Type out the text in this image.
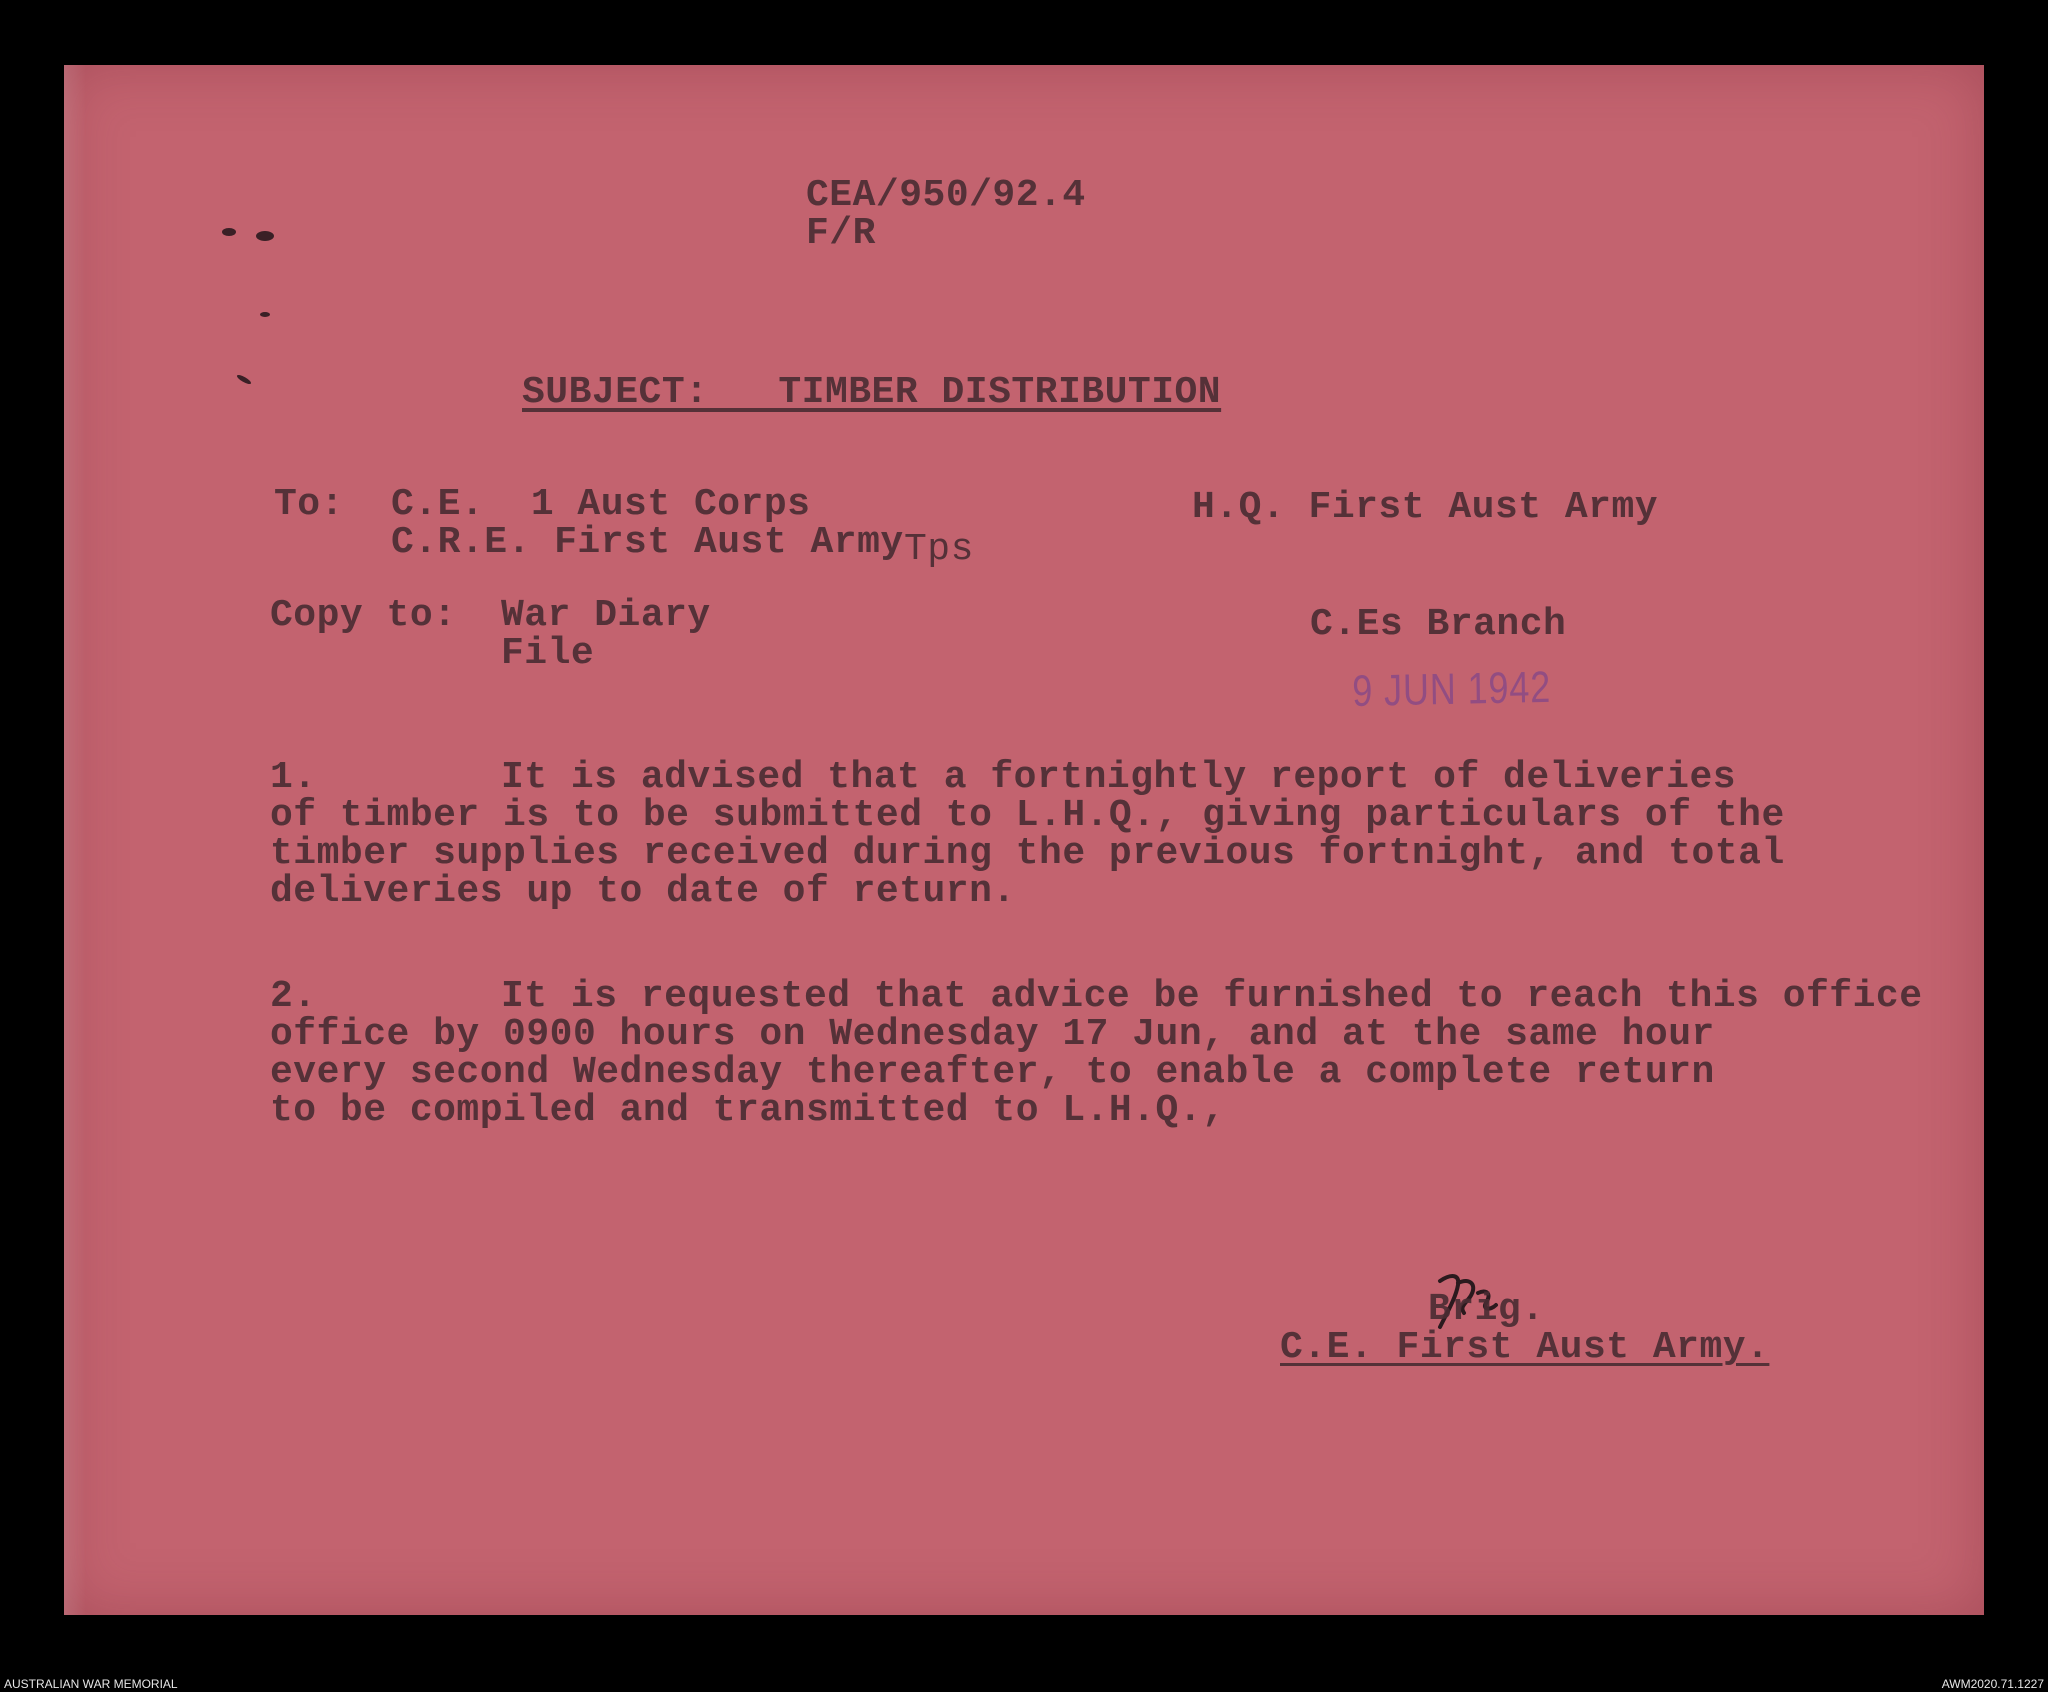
CEA/950/92.4
F/R
SUBJECT:   TIMBER DISTRIBUTION
To: C.E.  1 Aust Corps
C.R.E. First Aust Army Tps
H.Q. First Aust Army
Copy to: War Diary
File
C.Es Branch
9 JUN 1942
1.	It is advised that a fortnightly report of deliveries
of timber is to be submitted to L.H.Q., giving particulars of the
timber supplies received during the previous fortnight, and total
deliveries up to date of return.
2.	It is requested that advice be furnished to reach this office
office by 0900 hours on Wednesday 17 Jun, and at the same hour
every second Wednesday thereafter, to enable a complete return
to be compiled and transmitted to L.H.Q.,
Brig.
C.E. First Aust Army.
AUSTRALIAN WAR MEMORIAL	AWM2020.71.1227
